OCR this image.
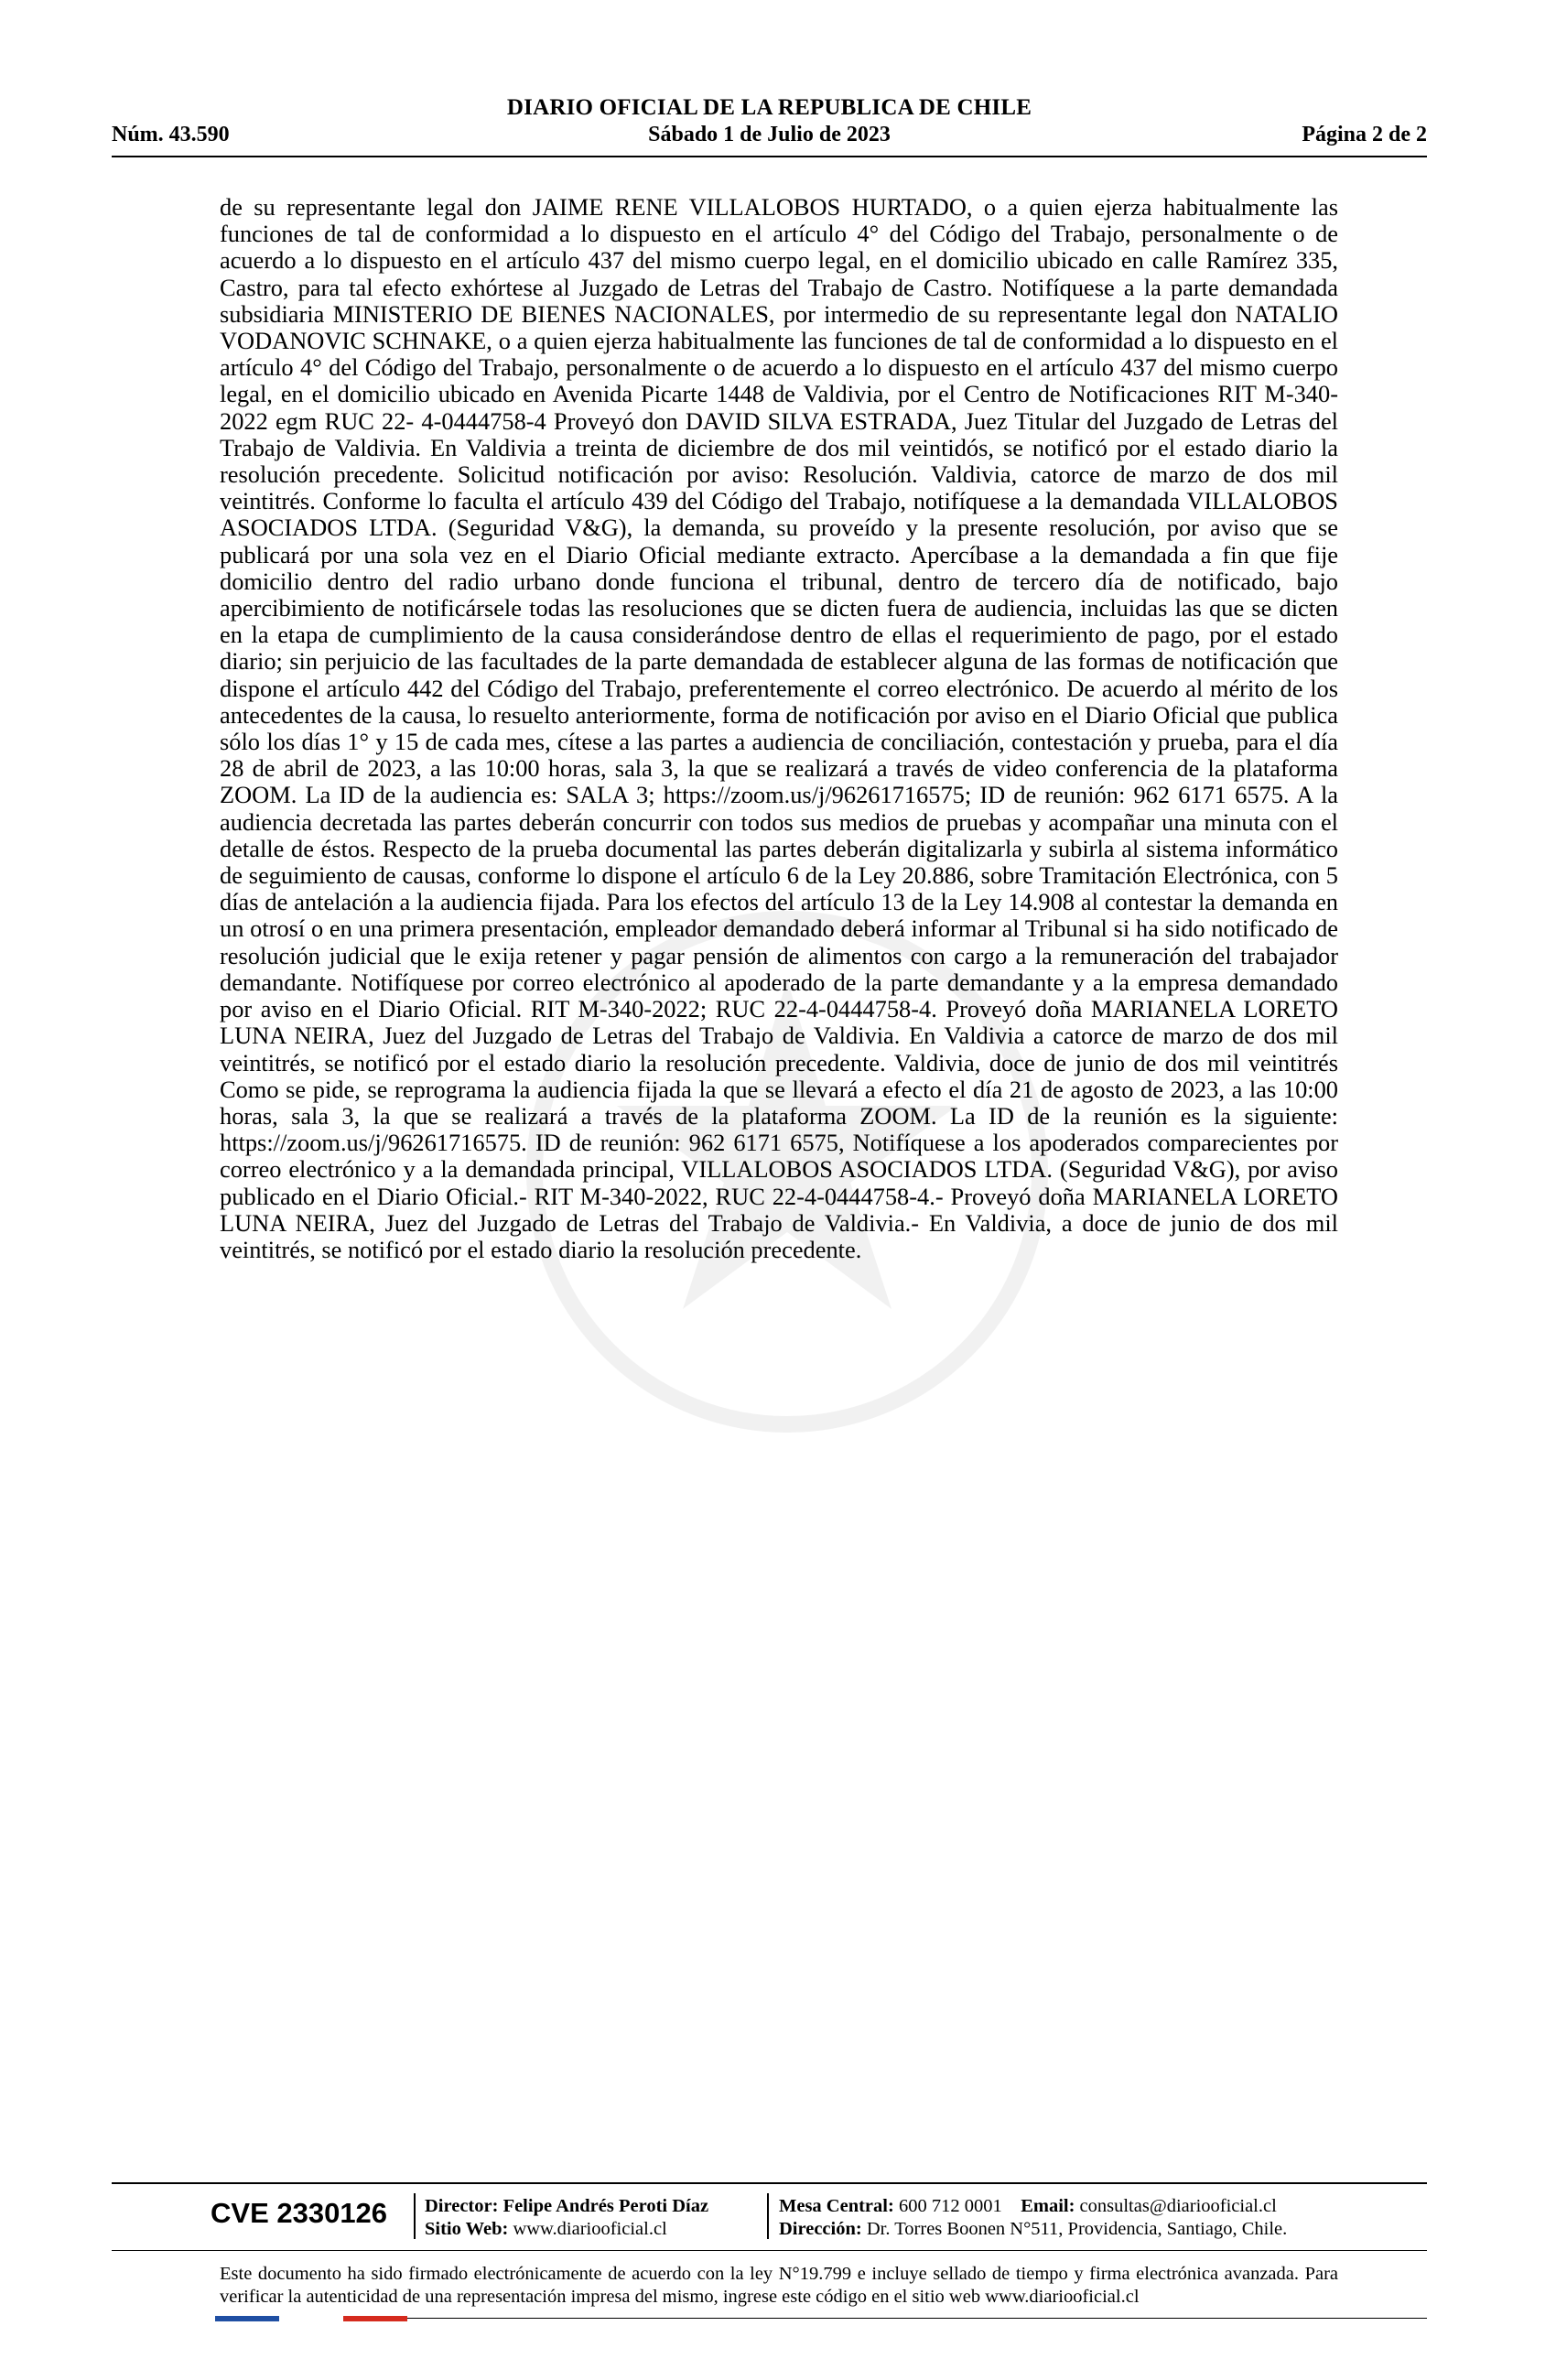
DIARIO OFICIAL DE LA REPUBLICA DE CHILE
Núm. 43.590	Sábado 1 de Julio de 2023	Página 2 de 2
de su representante legal don JAIME RENE VILLALOBOS HURTADO, o a quien ejerza habitualmente las funciones de tal de conformidad a lo dispuesto en el artículo 4° del Código del Trabajo, personalmente o de acuerdo a lo dispuesto en el artículo 437 del mismo cuerpo legal, en el domicilio ubicado en calle Ramírez 335, Castro, para tal efecto exhórtese al Juzgado de Letras del Trabajo de Castro. Notifíquese a la parte demandada subsidiaria MINISTERIO DE BIENES NACIONALES, por intermedio de su representante legal don NATALIO VODANOVIC SCHNAKE, o a quien ejerza habitualmente las funciones de tal de conformidad a lo dispuesto en el artículo 4° del Código del Trabajo, personalmente o de acuerdo a lo dispuesto en el artículo 437 del mismo cuerpo legal, en el domicilio ubicado en Avenida Picarte 1448 de Valdivia, por el Centro de Notificaciones RIT M-340-2022 egm RUC 22- 4-0444758-4 Proveyó don DAVID SILVA ESTRADA, Juez Titular del Juzgado de Letras del Trabajo de Valdivia. En Valdivia a treinta de diciembre de dos mil veintidós, se notificó por el estado diario la resolución precedente. Solicitud notificación por aviso: Resolución. Valdivia, catorce de marzo de dos mil veintitrés. Conforme lo faculta el artículo 439 del Código del Trabajo, notifíquese a la demandada VILLALOBOS ASOCIADOS LTDA. (Seguridad V&G), la demanda, su proveído y la presente resolución, por aviso que se publicará por una sola vez en el Diario Oficial mediante extracto. Apercíbase a la demandada a fin que fije domicilio dentro del radio urbano donde funciona el tribunal, dentro de tercero día de notificado, bajo apercibimiento de notificársele todas las resoluciones que se dicten fuera de audiencia, incluidas las que se dicten en la etapa de cumplimiento de la causa considerándose dentro de ellas el requerimiento de pago, por el estado diario; sin perjuicio de las facultades de la parte demandada de establecer alguna de las formas de notificación que dispone el artículo 442 del Código del Trabajo, preferentemente el correo electrónico. De acuerdo al mérito de los antecedentes de la causa, lo resuelto anteriormente, forma de notificación por aviso en el Diario Oficial que publica sólo los días 1° y 15 de cada mes, cítese a las partes a audiencia de conciliación, contestación y prueba, para el día 28 de abril de 2023, a las 10:00 horas, sala 3, la que se realizará a través de video conferencia de la plataforma ZOOM. La ID de la audiencia es: SALA 3; https://zoom.us/j/96261716575; ID de reunión: 962 6171 6575. A la audiencia decretada las partes deberán concurrir con todos sus medios de pruebas y acompañar una minuta con el detalle de éstos. Respecto de la prueba documental las partes deberán digitalizarla y subirla al sistema informático de seguimiento de causas, conforme lo dispone el artículo 6 de la Ley 20.886, sobre Tramitación Electrónica, con 5 días de antelación a la audiencia fijada. Para los efectos del artículo 13 de la Ley 14.908 al contestar la demanda en un otrosí o en una primera presentación, empleador demandado deberá informar al Tribunal si ha sido notificado de resolución judicial que le exija retener y pagar pensión de alimentos con cargo a la remuneración del trabajador demandante. Notifíquese por correo electrónico al apoderado de la parte demandante y a la empresa demandado por aviso en el Diario Oficial. RIT M-340-2022; RUC 22-4-0444758-4. Proveyó doña MARIANELA LORETO LUNA NEIRA, Juez del Juzgado de Letras del Trabajo de Valdivia. En Valdivia a catorce de marzo de dos mil veintitrés, se notificó por el estado diario la resolución precedente. Valdivia, doce de junio de dos mil veintitrés Como se pide, se reprograma la audiencia fijada la que se llevará a efecto el día 21 de agosto de 2023, a las 10:00 horas, sala 3, la que se realizará a través de la plataforma ZOOM. La ID de la reunión es la siguiente: https://zoom.us/j/96261716575. ID de reunión: 962 6171 6575, Notifíquese a los apoderados comparecientes por correo electrónico y a la demandada principal, VILLALOBOS ASOCIADOS LTDA. (Seguridad V&G), por aviso publicado en el Diario Oficial.- RIT M-340-2022, RUC 22-4-0444758-4.- Proveyó doña MARIANELA LORETO LUNA NEIRA, Juez del Juzgado de Letras del Trabajo de Valdivia.- En Valdivia, a doce de junio de dos mil veintitrés, se notificó por el estado diario la resolución precedente.
CVE 2330126 Director: Felipe Andrés Peroti Díaz
Sitio Web: www.diariooficial.cl
Mesa Central: 600 712 0001 Email: consultas@diariooficial.cl
Dirección: Dr. Torres Boonen N°511, Providencia, Santiago, Chile.
Este documento ha sido firmado electrónicamente de acuerdo con la ley N°19.799 e incluye sellado de tiempo y firma electrónica avanzada. Para verificar la autenticidad de una representación impresa del mismo, ingrese este código en el sitio web www.diariooficial.cl
